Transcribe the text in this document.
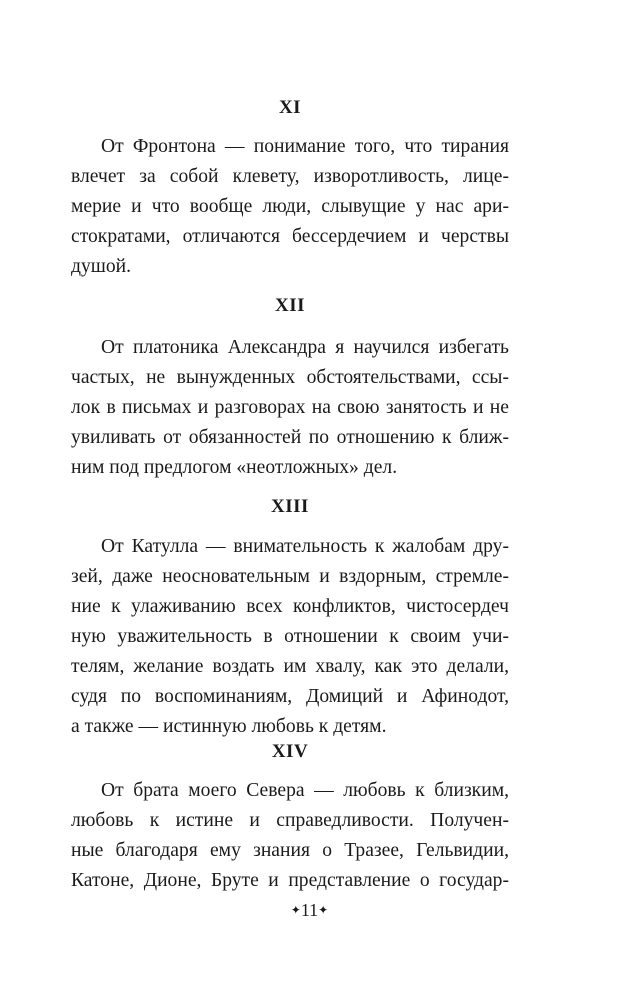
XI
От Фронтона — понимание того, что тирания
влечет за собой клевету, изворотливость, лице-
мерие и что вообще люди, слывущие у нас ари-
стократами, отличаются бессердечием и черствы
душой.
XII
От платоника Александра я научился избегать
частых, не вынужденных обстоятельствами, ссы-
лок в письмах и разговорах на свою занятость и не
увиливать от обязанностей по отношению к ближ-
ним под предлогом «неотложных» дел.
XIII
От Катулла — внимательность к жалобам дру-
зей, даже неосновательным и вздорным, стремле-
ние к улаживанию всех конфликтов, чистосердеч
ную уважительность в отношении к своим учи-
телям, желание воздать им хвалу, как это делали,
судя по воспоминаниям, Домиций и Афинодот,
а также — истинную любовь к детям.
XIV
От брата моего Севера — любовь к близким,
любовь к истине и справедливости. Получен-
ные благодаря ему знания о Тразее, Гельвидии,
Катоне, Дионе, Бруте и представление о государ-
✦11✦
